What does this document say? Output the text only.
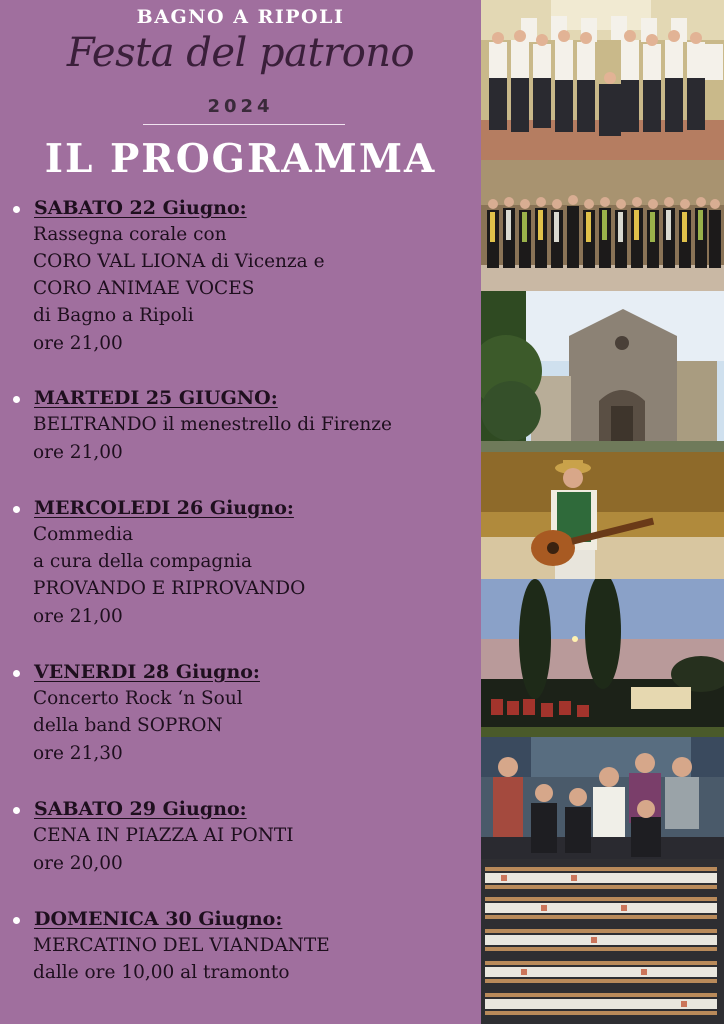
BAGNO A RIPOLI
Festa del patrono
2024
IL PROGRAMMA
SABATO 22 Giugno:
Rassegna corale con
CORO VAL LIONA di Vicenza e
CORO ANIMAE VOCES
di Bagno a Ripoli
ore 21,00
MARTEDI 25 GIUGNO:
BELTRANDO il menestrello di Firenze
ore 21,00
MERCOLEDI 26 Giugno:
Commedia
a cura della compagnia
PROVANDO E RIPROVANDO
ore 21,00
VENERDI 28 Giugno:
Concerto Rock ‘n Soul
della band SOPRON
ore 21,30
SABATO 29 Giugno:
CENA IN PIAZZA AI PONTI
ore 20,00
DOMENICA 30 Giugno:
MERCATINO DEL VIANDANTE
dalle ore 10,00 al tramonto
